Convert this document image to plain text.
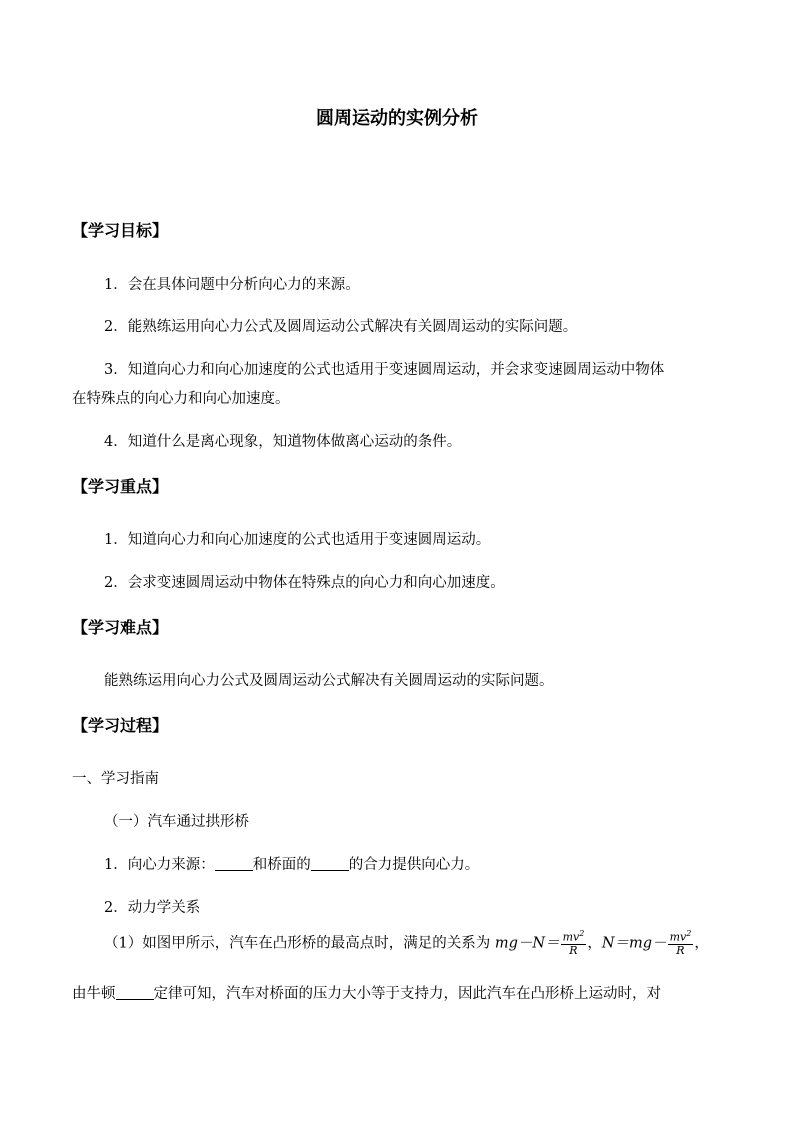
圆周运动的实例分析
【学习目标】
1．会在具体问题中分析向心力的来源。
2．能熟练运用向心力公式及圆周运动公式解决有关圆周运动的实际问题。
3．知道向心力和向心加速度的公式也适用于变速圆周运动，并会求变速圆周运动中物体
在特殊点的向心力和向心加速度。
4．知道什么是离心现象，知道物体做离心运动的条件。
【学习重点】
1．知道向心力和向心加速度的公式也适用于变速圆周运动。
2．会求变速圆周运动中物体在特殊点的向心力和向心加速度。
【学习难点】
能熟练运用向心力公式及圆周运动公式解决有关圆周运动的实际问题。
【学习过程】
一、学习指南
（一）汽车通过拱形桥
1．向心力来源：	和桥面的	的合力提供向心力。
2．动力学关系
（1）如图甲所示，汽车在凸形桥的最高点时，满足的关系为 $mg-N= \frac{mv^2}{R}$ ，$N=mg- \frac{mv^2}{R}$ ，
由牛顿	定律可知，汽车对桥面的压力大小等于支持力，因此汽车在凸形桥上运动时，对
